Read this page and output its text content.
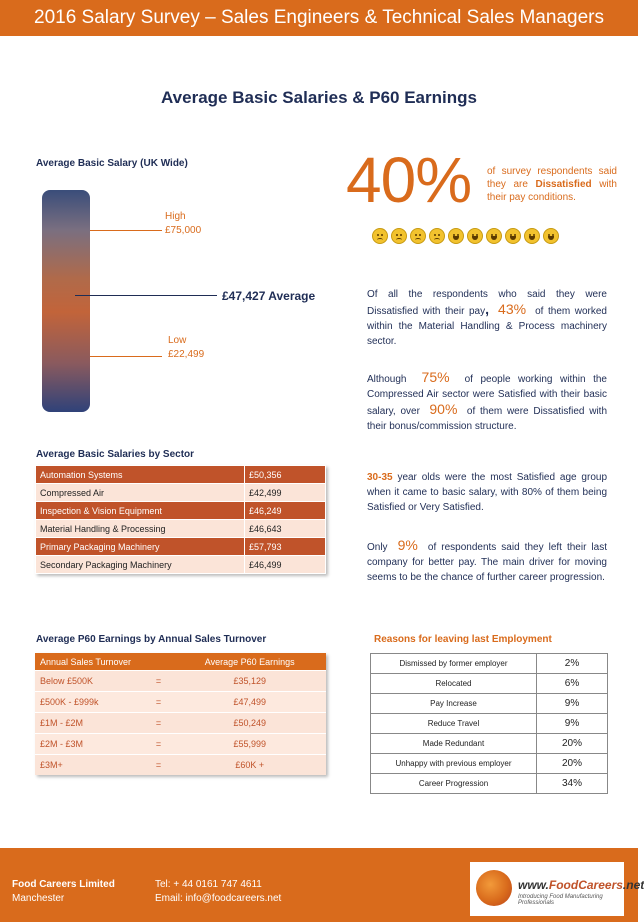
2016 Salary Survey – Sales Engineers & Technical Sales Managers
Average Basic Salaries & P60 Earnings
Average Basic Salary (UK Wide)
High
£75,000
£47,427 Average
Low
£22,499
40% of survey respondents said they are Dissatisfied with their pay conditions.
Of all the respondents who said they were Dissatisfied with their pay, 43% of them worked within the Material Handling & Process machinery sector.
Although 75% of people working within the Compressed Air sector were Satisfied with their basic salary, over 90% of them were Dissatisfied with their bonus/commission structure.
30-35 year olds were the most Satisfied age group when it came to basic salary, with 80% of them being Satisfied or Very Satisfied.
Only 9% of respondents said they left their last company for better pay. The main driver for moving seems to be the chance of further career progression.
Average Basic Salaries by Sector
Automation Systems	£50,356
Compressed Air	£42,499
Inspection & Vision Equipment	£46,249
Material Handling & Processing	£46,643
Primary Packaging Machinery	£57,793
Secondary Packaging Machinery	£46,499
Average P60 Earnings by Annual Sales Turnover
Annual Sales Turnover		Average P60 Earnings
Below £500K	=	£35,129
£500K - £999k	=	£47,499
£1M - £2M	=	£50,249
£2M - £3M	=	£55,999
£3M+	=	£60K +
Reasons for leaving last Employment
Dismissed by former employer	2%
Relocated	6%
Pay Increase	9%
Reduce Travel	9%
Made Redundant	20%
Unhappy with previous employer	20%
Career Progression	34%
Food Careers Limited
Manchester
Tel: + 44 0161 747 4611
Email: info@foodcareers.net
www.FoodCareers.net
Introducing Food Manufacturing Professionals
